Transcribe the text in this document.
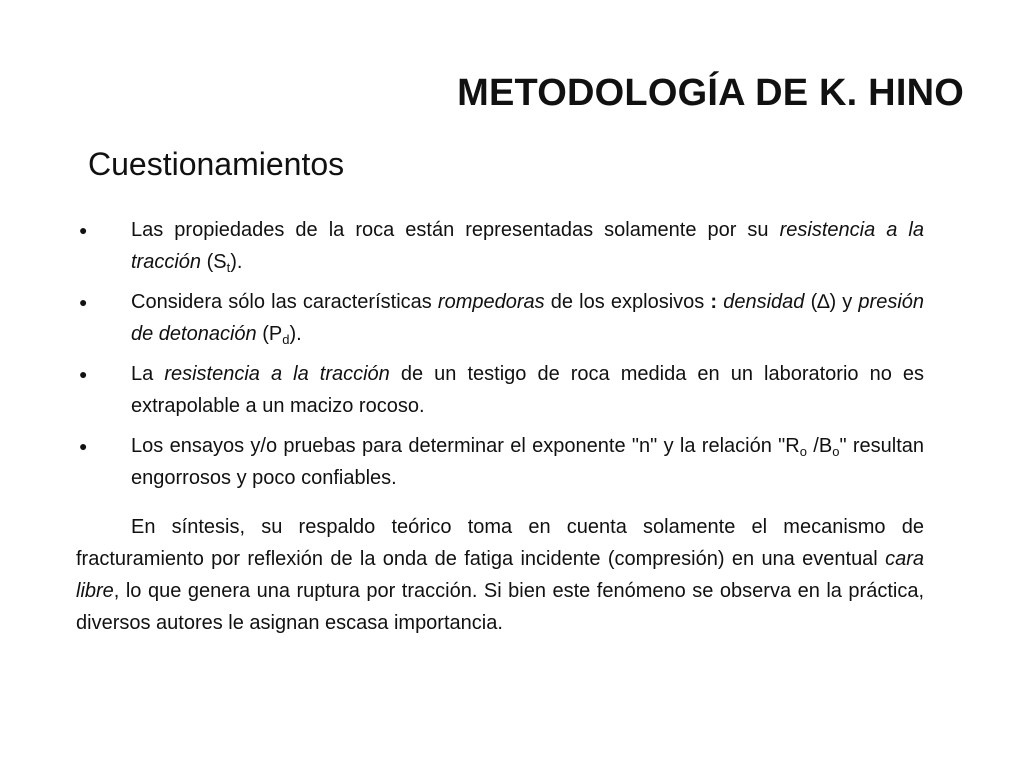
METODOLOGÍA DE K. HINO
Cuestionamientos
● Las propiedades de la roca están representadas solamente por su resistencia a la tracción $(S_t)$.
● Considera sólo las características rompedoras de los explosivos : densidad (∆) y presión de detonación $(P_d)$.
● La resistencia a la tracción de un testigo de roca medida en un laboratorio no es extrapolable a un macizo rocoso.
● Los ensayos y/o pruebas para determinar el exponente "n" y la relación "$R_o$ $/B_o$" resultan engorrosos y poco confiables.

En síntesis, su respaldo teórico toma en cuenta solamente el mecanismo de fracturamiento por reflexión de la onda de fatiga incidente (compresión) en una eventual cara libre, lo que genera una ruptura por tracción. Si bien este fenómeno se observa en la práctica, diversos autores le asignan escasa importancia.
